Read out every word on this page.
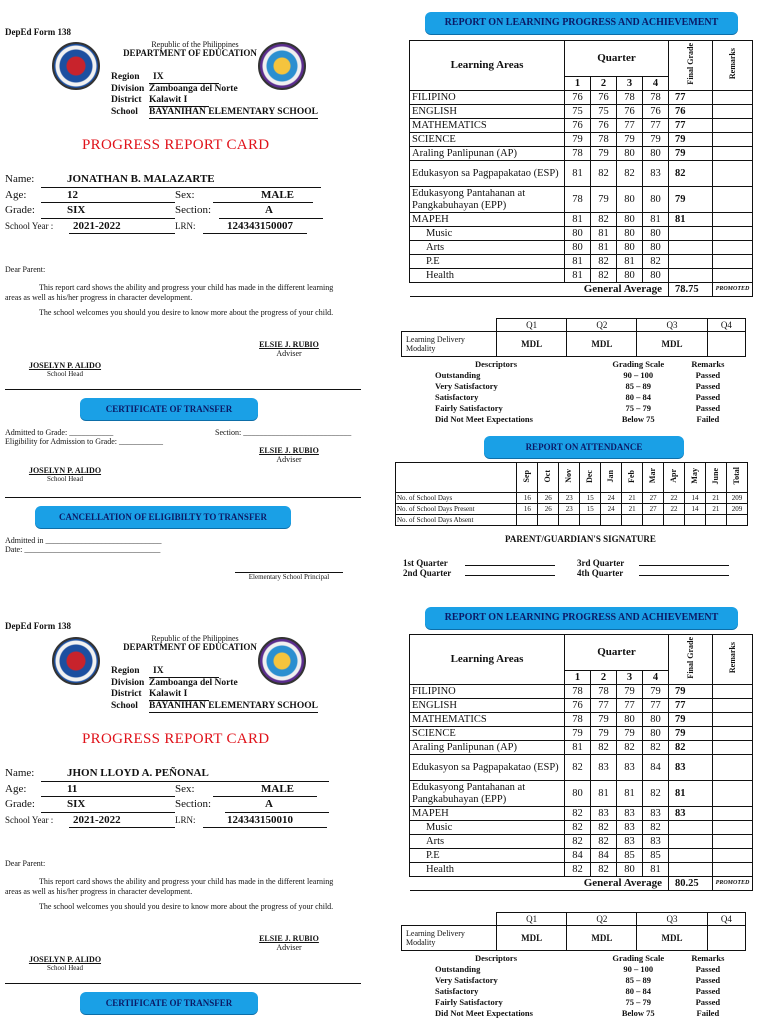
DepEd Form 138
Republic of the Philippines
DEPARTMENT OF EDUCATION
Region IX
Division Zamboanga del Norte
District Kalawit I
School BAYANIHAN ELEMENTARY SCHOOL
PROGRESS REPORT CARD
Name:	JONATHAN B. MALAZARTE
Age:	12	Sex:	MALE
Grade:	SIX	Section:	A
School Year : 2021-2022	LRN:	124343150007
Dear Parent:
This report card shows the ability and progress your child has made in the different learning areas as well as his/her progress in character development.
The school welcomes you should you desire to know more about the progress of your child.
ELSIE J. RUBIO
Adviser
JOSELYN P. ALIDO
School Head
CERTIFICATE OF TRANSFER
Admitted to Grade: ___________	Section: ___________________________
Eligibility for Admission to Grade: ___________
ELSIE J. RUBIO
Adviser
JOSELYN P. ALIDO
School Head
CANCELLATION OF ELIGIBILTY TO TRANSFER
Admitted in _____________________________
Date: __________________________________
Elementary School Principal
REPORT ON LEARNING PROGRESS AND ACHIEVEMENT
Learning Areas	Quarter				Final Grade	Remarks
	1	2	3	4		
FILIPINO	76	76	78	78	77	
ENGLISH	75	75	76	76	76	
MATHEMATICS	76	76	77	77	77	
SCIENCE	79	78	79	79	79	
Araling Panlipunan (AP)	78	79	80	80	79	
Edukasyon sa Pagpapakatao (ESP)	81	82	82	83	82	
Edukasyong Pantahanan at Pangkabuhayan (EPP)	78	79	80	80	79	
MAPEH	81	82	80	81	81	
Music	80	81	80	80		
Arts	80	81	80	80		
P.E	81	82	81	82		
Health	81	82	80	80		
General Average					78.75	PROMOTED
	Q1	Q2	Q3	Q4
Learning Delivery Modality	MDL	MDL	MDL	
Descriptors	Grading Scale	Remarks
Outstanding	90 – 100	Passed
Very Satisfactory	85 – 89	Passed
Satisfactory	80 – 84	Passed
Fairly Satisfactory	75 – 79	Passed
Did Not Meet Expectations	Below 75	Failed
REPORT ON ATTENDANCE
	Sep	Oct	Nov	Dec	Jan	Feb	Mar	Apr	May	June	Total
No. of School Days	16	26	23	15	24	21	27	22	14	21	209
No. of School Days Present	16	26	23	15	24	21	27	22	14	21	209
No. of School Days Absent											
PARENT/GUARDIAN'S SIGNATURE
1st Quarter	3rd Quarter
2nd Quarter	4th Quarter
DepEd Form 138
Republic of the Philippines
DEPARTMENT OF EDUCATION
Region IX
Division Zamboanga del Norte
District Kalawit I
School BAYANIHAN ELEMENTARY SCHOOL
PROGRESS REPORT CARD
Name:	JHON LLOYD A. PEÑONAL
Age:	11	Sex:	MALE
Grade:	SIX	Section:	A
School Year : 2021-2022	LRN:	124343150010
Dear Parent:
This report card shows the ability and progress your child has made in the different learning areas as well as his/her progress in character development.
The school welcomes you should you desire to know more about the progress of your child.
ELSIE J. RUBIO
Adviser
JOSELYN P. ALIDO
School Head
CERTIFICATE OF TRANSFER
REPORT ON LEARNING PROGRESS AND ACHIEVEMENT
Learning Areas	Quarter				Final Grade	Remarks
	1	2	3	4		
FILIPINO	78	78	79	79	79	
ENGLISH	76	77	77	77	77	
MATHEMATICS	78	79	80	80	79	
SCIENCE	79	79	79	80	79	
Araling Panlipunan (AP)	81	82	82	82	82	
Edukasyon sa Pagpapakatao (ESP)	82	83	83	84	83	
Edukasyong Pantahanan at Pangkabuhayan (EPP)	80	81	81	82	81	
MAPEH	82	83	83	83	83	
Music	82	82	83	82		
Arts	82	82	83	83		
P.E	84	84	85	85		
Health	82	82	80	81		
General Average					80.25	PROMOTED
	Q1	Q2	Q3	Q4
Learning Delivery Modality	MDL	MDL	MDL	
Descriptors	Grading Scale	Remarks
Outstanding	90 – 100	Passed
Very Satisfactory	85 – 89	Passed
Satisfactory	80 – 84	Passed
Fairly Satisfactory	75 – 79	Passed
Did Not Meet Expectations	Below 75	Failed
